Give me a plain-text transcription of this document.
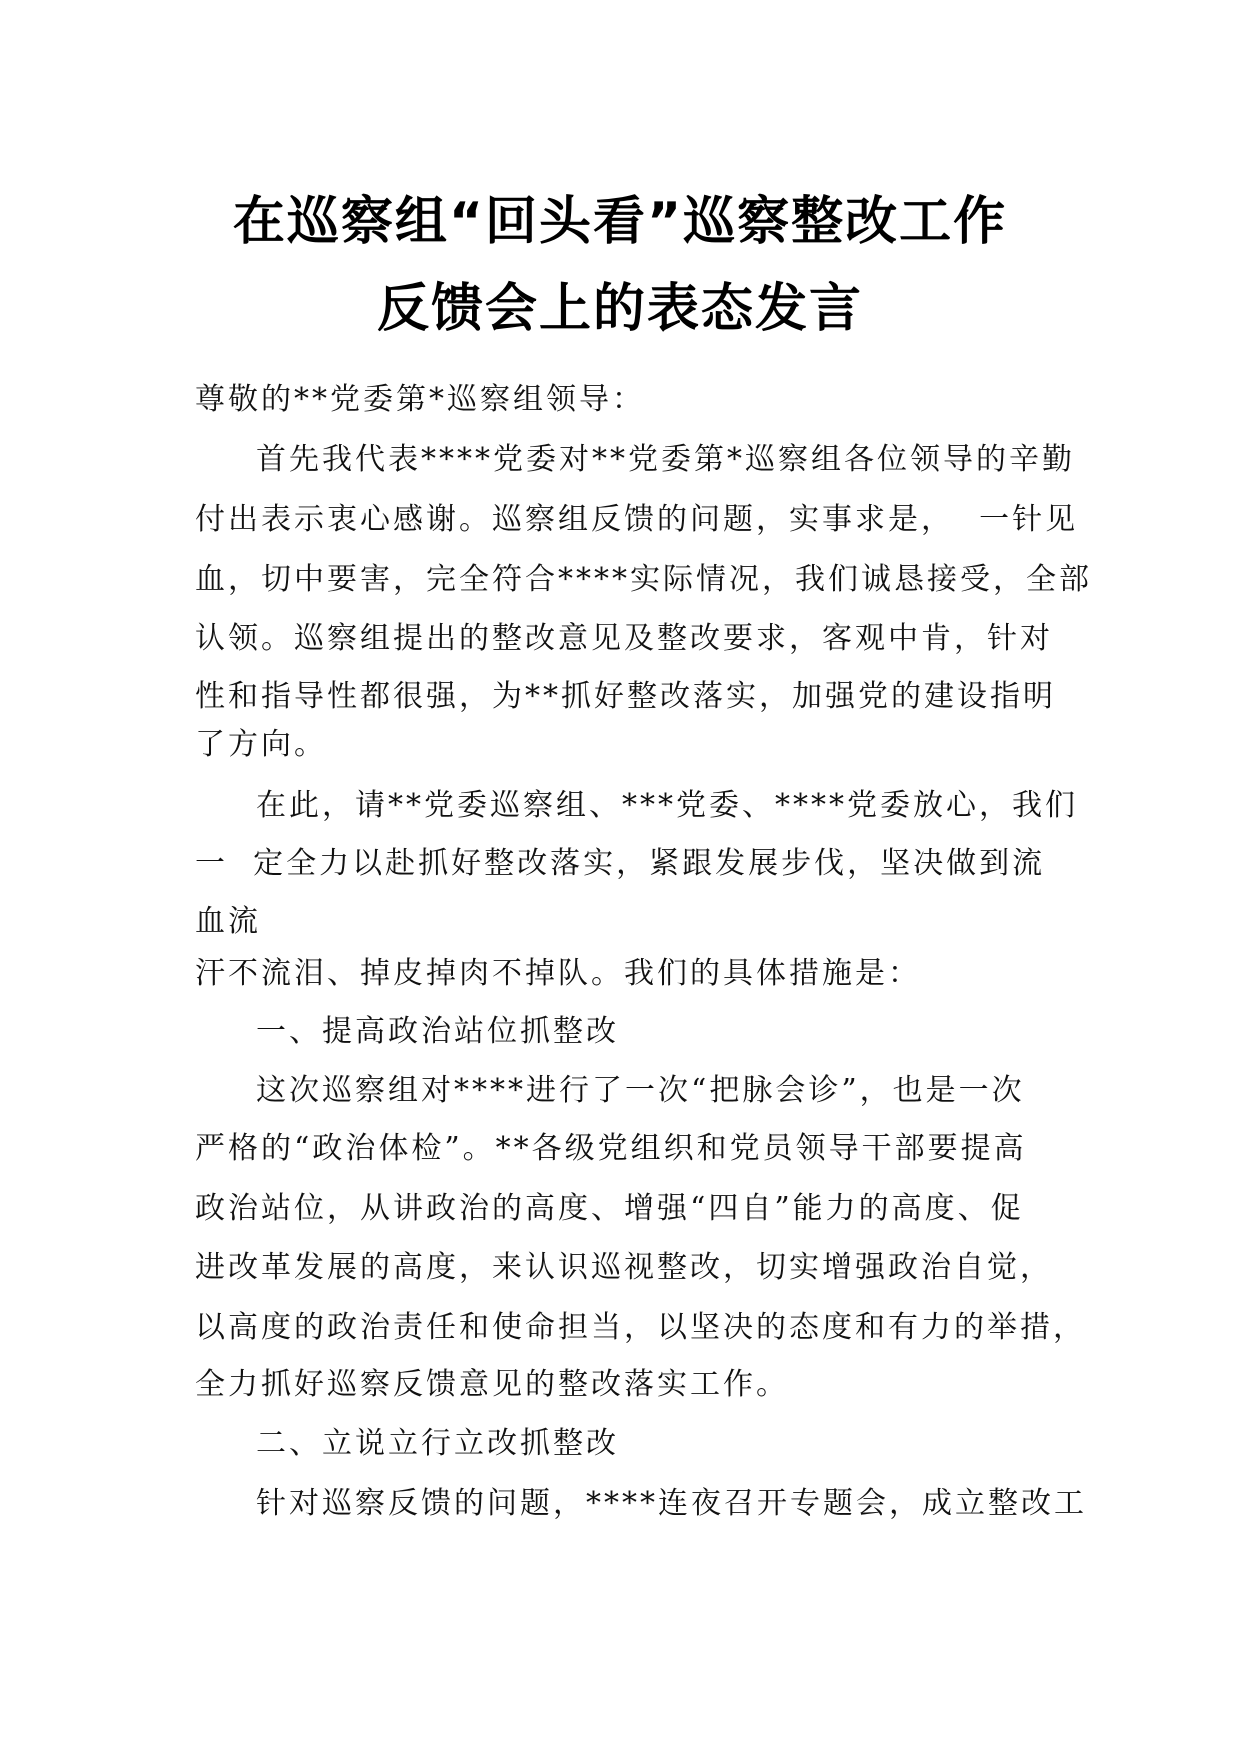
在巡察组“回头看”巡察整改工作
反馈会上的表态发言
尊敬的**党委第*巡察组领导：
首先我代表****党委对**党委第*巡察组各位领导的辛勤
付出表示衷心感谢。巡察组反馈的问题，实事求是，  一针见
血，切中要害，完全符合****实际情况，我们诚恳接受，全部
认领。巡察组提出的整改意见及整改要求，客观中肯，针对
性和指导性都很强，为**抓好整改落实，加强党的建设指明
了方向。
在此，请**党委巡察组、***党委、****党委放心，我们
一  定全力以赴抓好整改落实，紧跟发展步伐，坚决做到流
血流
汗不流泪、掉皮掉肉不掉队。我们的具体措施是：
一、提高政治站位抓整改
这次巡察组对****进行了一次“把脉会诊”，也是一次
严格的“政治体检”。**各级党组织和党员领导干部要提高
政治站位，从讲政治的高度、增强“四自”能力的高度、促
进改革发展的高度，来认识巡视整改，切实增强政治自觉，
以高度的政治责任和使命担当，以坚决的态度和有力的举措，
全力抓好巡察反馈意见的整改落实工作。
二、立说立行立改抓整改
针对巡察反馈的问题，****连夜召开专题会，成立整改工
